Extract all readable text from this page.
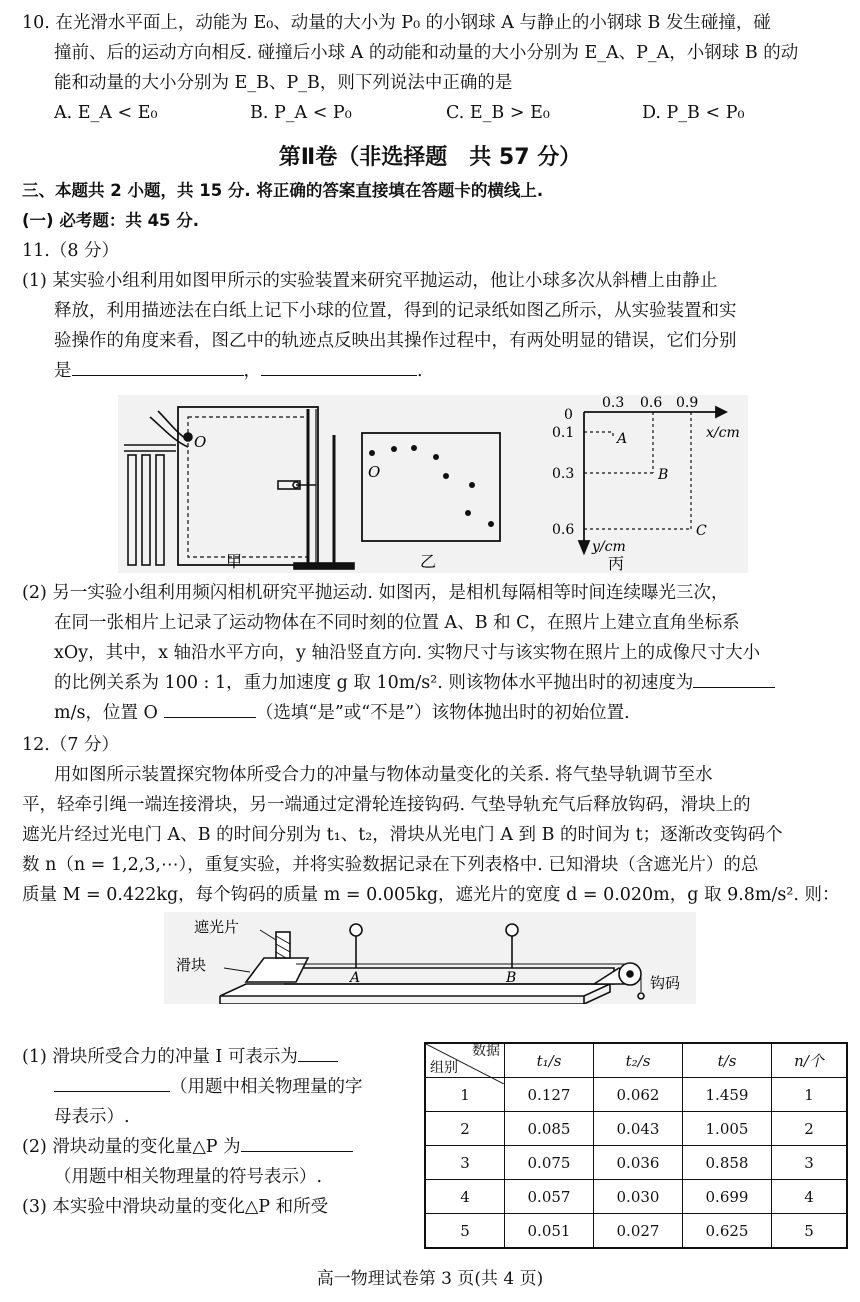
10. 在光滑水平面上，动能为 E₀、动量的大小为 P₀ 的小钢球 A 与静止的小钢球 B 发生碰撞，碰
撞前、后的运动方向相反. 碰撞后小球 A 的动能和动量的大小分别为 E_A、P_A，小钢球 B 的动
能和动量的大小分别为 E_B、P_B，则下列说法中正确的是
A. E_A < E₀	B. P_A < P₀	C. E_B > E₀	D. P_B < P₀
第Ⅱ卷（非选择题　共 57 分）
三、本题共 2 小题，共 15 分. 将正确的答案直接填在答题卡的横线上.
(一) 必考题：共 45 分.
11.（8 分）
(1) 某实验小组利用如图甲所示的实验装置来研究平抛运动，他让小球多次从斜槽上由静止
释放，利用描迹法在白纸上记下小球的位置，得到的记录纸如图乙所示，从实验装置和实
验操作的角度来看，图乙中的轨迹点反映出其操作过程中，有两处明显的错误，它们分别
是	，	.
O
甲
O
乙
0
0.3 0.6 0.9
0.1
0.3
0.6
x/cm
y/cm
A
B
C
丙
(2) 另一实验小组利用频闪相机研究平抛运动. 如图丙，是相机每隔相等时间连续曝光三次，
在同一张相片上记录了运动物体在不同时刻的位置 A、B 和 C，在照片上建立直角坐标系
xOy，其中，x 轴沿水平方向，y 轴沿竖直方向. 实物尺寸与该实物在照片上的成像尺寸大小
的比例关系为 100 : 1，重力加速度 g 取 10m/s². 则该物体水平抛出时的初速度为
m/s，位置 O	（选填“是”或“不是”）该物体抛出时的初始位置.
12.（7 分）
用如图所示装置探究物体所受合力的冲量与物体动量变化的关系. 将气垫导轨调节至水
平，轻牵引绳一端连接滑块，另一端通过定滑轮连接钩码. 气垫导轨充气后释放钩码，滑块上的
遮光片经过光电门 A、B 的时间分别为 t₁、t₂，滑块从光电门 A 到 B 的时间为 t；逐渐改变钩码个
数 n（n = 1,2,3,⋯），重复实验，并将实验数据记录在下列表格中. 已知滑块（含遮光片）的总
质量 M = 0.422kg，每个钩码的质量 m = 0.005kg，遮光片的宽度 d = 0.020m，g 取 9.8m/s². 则：
遮光片
滑块
A	B	钩码
(1) 滑块所受合力的冲量 I 可表示为
（用题中相关物理量的字
母表示）.
(2) 滑块动量的变化量△P 为
（用题中相关物理量的符号表示）.
(3) 本实验中滑块动量的变化△P 和所受
数据
组别	t₁/s	t₂/s	t/s	n/个
1	0.127	0.062	1.459	1
2	0.085	0.043	1.005	2
3	0.075	0.036	0.858	3
4	0.057	0.030	0.699	4
5	0.051	0.027	0.625	5
高一物理试卷第 3 页(共 4 页)
